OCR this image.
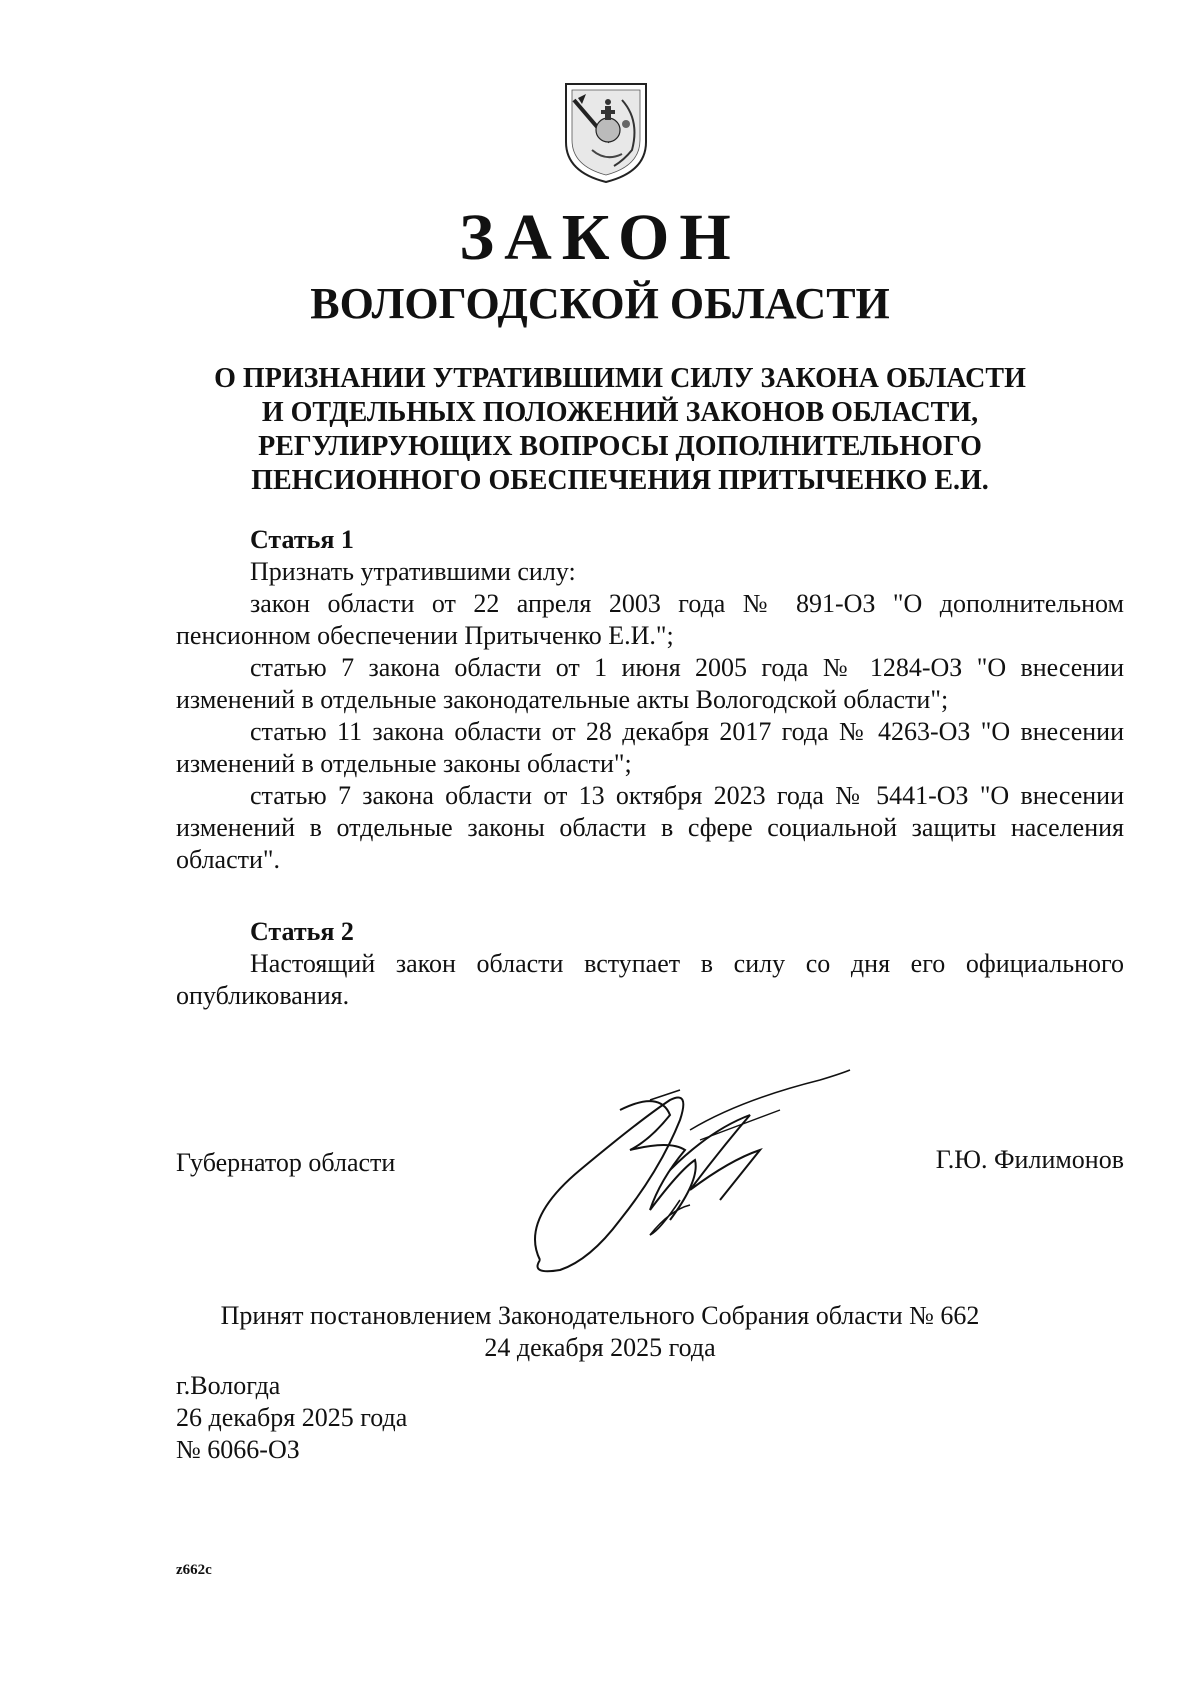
ЗАКОН
ВОЛОГОДСКОЙ ОБЛАСТИ
О ПРИЗНАНИИ УТРАТИВШИМИ СИЛУ ЗАКОНА ОБЛАСТИ
И ОТДЕЛЬНЫХ ПОЛОЖЕНИЙ ЗАКОНОВ ОБЛАСТИ,
РЕГУЛИРУЮЩИХ ВОПРОСЫ ДОПОЛНИТЕЛЬНОГО
ПЕНСИОННОГО ОБЕСПЕЧЕНИЯ ПРИТЫЧЕНКО Е.И.
Статья 1
Признать утратившими силу:
закон области от 22 апреля 2003 года № 891-ОЗ "О дополнительном пенсионном обеспечении Притыченко Е.И.";
статью 7 закона области от 1 июня 2005 года № 1284-ОЗ "О внесении изменений в отдельные законодательные акты Вологодской области";
статью 11 закона области от 28 декабря 2017 года № 4263-ОЗ "О внесении изменений в отдельные законы области";
статью 7 закона области от 13 октября 2023 года № 5441-ОЗ "О внесении изменений в отдельные законы области в сфере социальной защиты населения области".
Статья 2
Настоящий закон области вступает в силу со дня его официального опубликования.
Губернатор области	Г.Ю. Филимонов
Принят постановлением Законодательного Собрания области № 662
24 декабря 2025 года
г.Вологда
26 декабря 2025 года
№ 6066-ОЗ
z662c
